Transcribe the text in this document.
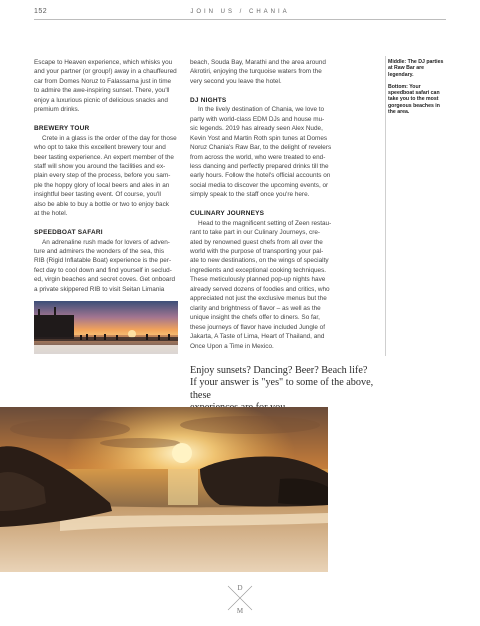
152	JOIN US / CHANIA

Escape to Heaven experience, which whisks you

and your partner (or group!) away in a chauffeured

car from Domes Noruz to Falassarna just in time

to admire the awe-inspiring sunset. There, you'll

enjoy a luxurious picnic of delicious snacks and

premium drinks.

BREWERY TOUR

Crete in a glass is the order of the day for those

who opt to take this excellent brewery tour and

beer tasting experience. An expert member of the

staff will show you around the facilities and ex-

plain every step of the process, before you sam-

ple the hoppy glory of local beers and ales in an

insightful beer tasting event. Of course, you'll

also be able to buy a bottle or two to enjoy back

at the hotel.

SPEEDBOAT SAFARI

An adrenaline rush made for lovers of adven-

ture and admirers the wonders of the sea, this

RIB (Rigid Inflatable Boat) experience is the per-

fect day to cool down and find yourself in seclud-

ed, virgin beaches and secret coves. Get onboard

a private skippered RIB to visit Seitan Limania

beach, Souda Bay, Marathi and the area around

Akrotiri, enjoying the turquoise waters from the

very second you leave the hotel.

DJ NIGHTS

In the lively destination of Chania, we love to

party with world-class EDM DJs and house mu-

sic legends. 2019 has already seen Alex Nude,

Kevin Yost and Martin Roth spin tunes at Domes

Noruz Chania's Raw Bar, to the delight of revelers

from across the world, who were treated to end-

less dancing and perfectly prepared drinks till the

early hours. Follow the hotel's official accounts on

social media to discover the upcoming events, or

simply speak to the staff once you're here.

CULINARY JOURNEYS

Head to the magnificent setting of Zeen restau-

rant to take part in our Culinary Journeys, cre-

ated by renowned guest chefs from all over the

world with the purpose of transporting your pal-

ate to new destinations, on the wings of specialty

ingredients and exceptional cooking techniques.

These meticulously planned pop-up nights have

already served dozens of foodies and critics, who

appreciated not just the exclusive menus but the

clarity and brightness of flavor – as well as the

unique insight the chefs offer to diners. So far,

these journeys of flavor have included Jungle of

Jakarta, A Taste of Lima, Heart of Thailand, and

Once Upon a Time in Mexico.

Middle: The DJ parties at Raw Bar are legendary.

Bottom: Your speedboat safari can take you to the most gorgeous beaches in the area.

Enjoy sunsets? Dancing? Beer? Beach life?
If your answer is "yes" to some of the above, these
D
M
